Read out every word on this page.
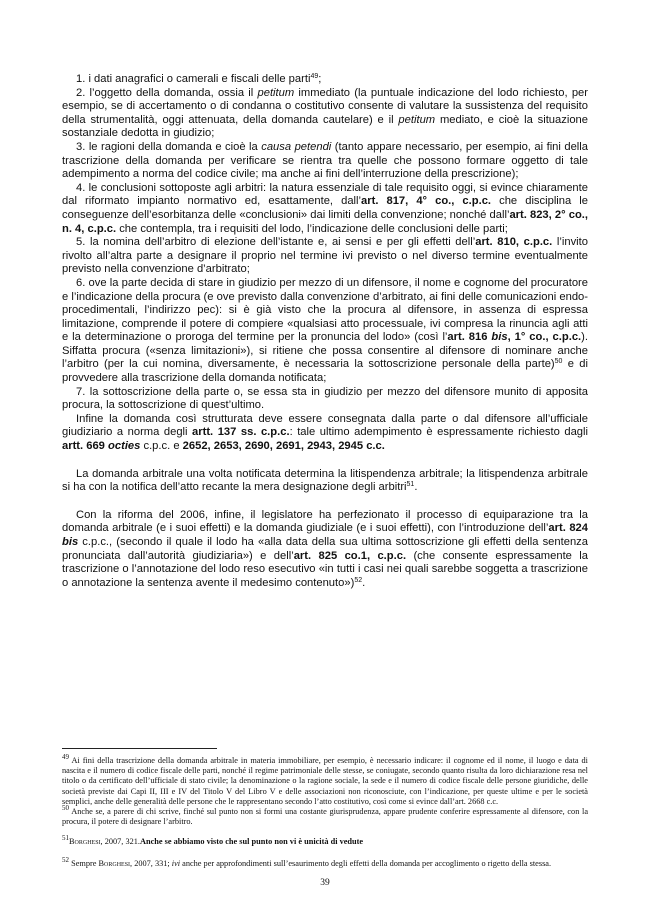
1. i dati anagrafici o camerali e fiscali delle parti$^{49}$;

2. l’oggetto della domanda, ossia il petitum immediato (la puntuale indicazione del lodo richiesto, per esempio, se di accertamento o di condanna o costitutivo consente di valutare la sussistenza del requisito della strumentalità, oggi attenuata, della domanda cautelare) e il petitum mediato, e cioè la situazione sostanziale dedotta in giudizio;

3. le ragioni della domanda e cioè la causa petendi (tanto appare necessario, per esempio, ai fini della trascrizione della domanda per verificare se rientra tra quelle che possono formare oggetto di tale adempimento a norma del codice civile; ma anche ai fini dell’interruzione della prescrizione);

4. le conclusioni sottoposte agli arbitri: la natura essenziale di tale requisito oggi, si evince chiaramente dal riformato impianto normativo ed, esattamente, dall’art. 817, 4° co., c.p.c. che disciplina le conseguenze dell’esorbitanza delle «conclusioni» dai limiti della convenzione; nonché dall’art. 823, 2° co., n. 4, c.p.c. che contempla, tra i requisiti del lodo, l’indicazione delle conclusioni delle parti;

5. la nomina dell’arbitro di elezione dell’istante e, ai sensi e per gli effetti dell’art. 810, c.p.c. l’invito rivolto all’altra parte a designare il proprio nel termine ivi previsto o nel diverso termine eventualmente previsto nella convenzione d’arbitrato;

6. ove la parte decida di stare in giudizio per mezzo di un difensore, il nome e cognome del procuratore e l’indicazione della procura (e ove previsto dalla convenzione d’arbitrato, ai fini delle comunicazioni endo-procedimentali, l’indirizzo pec): si è già visto che la procura al difensore, in assenza di espressa limitazione, comprende il potere di compiere «qualsiasi atto processuale, ivi compresa la rinuncia agli atti e la determinazione o proroga del termine per la pronuncia del lodo» (così l’art. 816 bis, 1° co., c.p.c.). Siffatta procura («senza limitazioni»), si ritiene che possa consentire al difensore di nominare anche l’arbitro (per la cui nomina, diversamente, è necessaria la sottoscrizione personale della parte)$^{50}$ e di provvedere alla trascrizione della domanda notificata;

7. la sottoscrizione della parte o, se essa sta in giudizio per mezzo del difensore munito di apposita procura, la sottoscrizione di quest’ultimo.

Infine la domanda così strutturata deve essere consegnata dalla parte o dal difensore all’ufficiale giudiziario a norma degli artt. 137 ss. c.p.c.: tale ultimo adempimento è espressamente richiesto dagli artt. 669 octies c.p.c. e 2652, 2653, 2690, 2691, 2943, 2945 c.c.

La domanda arbitrale una volta notificata determina la litispendenza arbitrale; la litispendenza arbitrale si ha con la notifica dell’atto recante la mera designazione degli arbitri$^{51}$.

Con la riforma del 2006, infine, il legislatore ha perfezionato il processo di equiparazione tra la domanda arbitrale (e i suoi effetti) e la domanda giudiziale (e i suoi effetti), con l’introduzione dell’art. 824 bis c.p.c., (secondo il quale il lodo ha «alla data della sua ultima sottoscrizione gli effetti della sentenza pronunciata dall’autorità giudiziaria») e dell’art. 825 co.1, c.p.c. (che consente espressamente la trascrizione o l’annotazione del lodo reso esecutivo «in tutti i casi nei quali sarebbe soggetta a trascrizione o annotazione la sentenza avente il medesimo contenuto»)$^{52}$.

$^{49}$ Ai fini della trascrizione della domanda arbitrale in materia immobiliare, per esempio, è necessario indicare: il cognome ed il nome, il luogo e data di nascita e il numero di codice fiscale delle parti, nonché il regime patrimoniale delle stesse, se coniugate, secondo quanto risulta da loro dichiarazione resa nel titolo o da certificato dell’ufficiale di stato civile; la denominazione o la ragione sociale, la sede e il numero di codice fiscale delle persone giuridiche, delle società previste dai Capi II, III e IV del Titolo V del Libro V e delle associazioni non riconosciute, con l’indicazione, per queste ultime e per le società semplici, anche delle generalità delle persone che le rappresentano secondo l’atto costitutivo, così come si evince dall’art. 2668 c.c.

$^{50}$ Anche se, a parere di chi scrive, finché sul punto non si formi una costante giurisprudenza, appare prudente conferire espressamente al difensore, con la procura, il potere di designare l’arbitro.

$^{51}$Borghesi, 2007, 321.Anche se abbiamo visto che sul punto non vi è unicità di vedute

$^{52}$ Sempre Borghesi, 2007, 331; ivi anche per approfondimenti sull’esaurimento degli effetti della domanda per accoglimento o rigetto della stessa.

39
